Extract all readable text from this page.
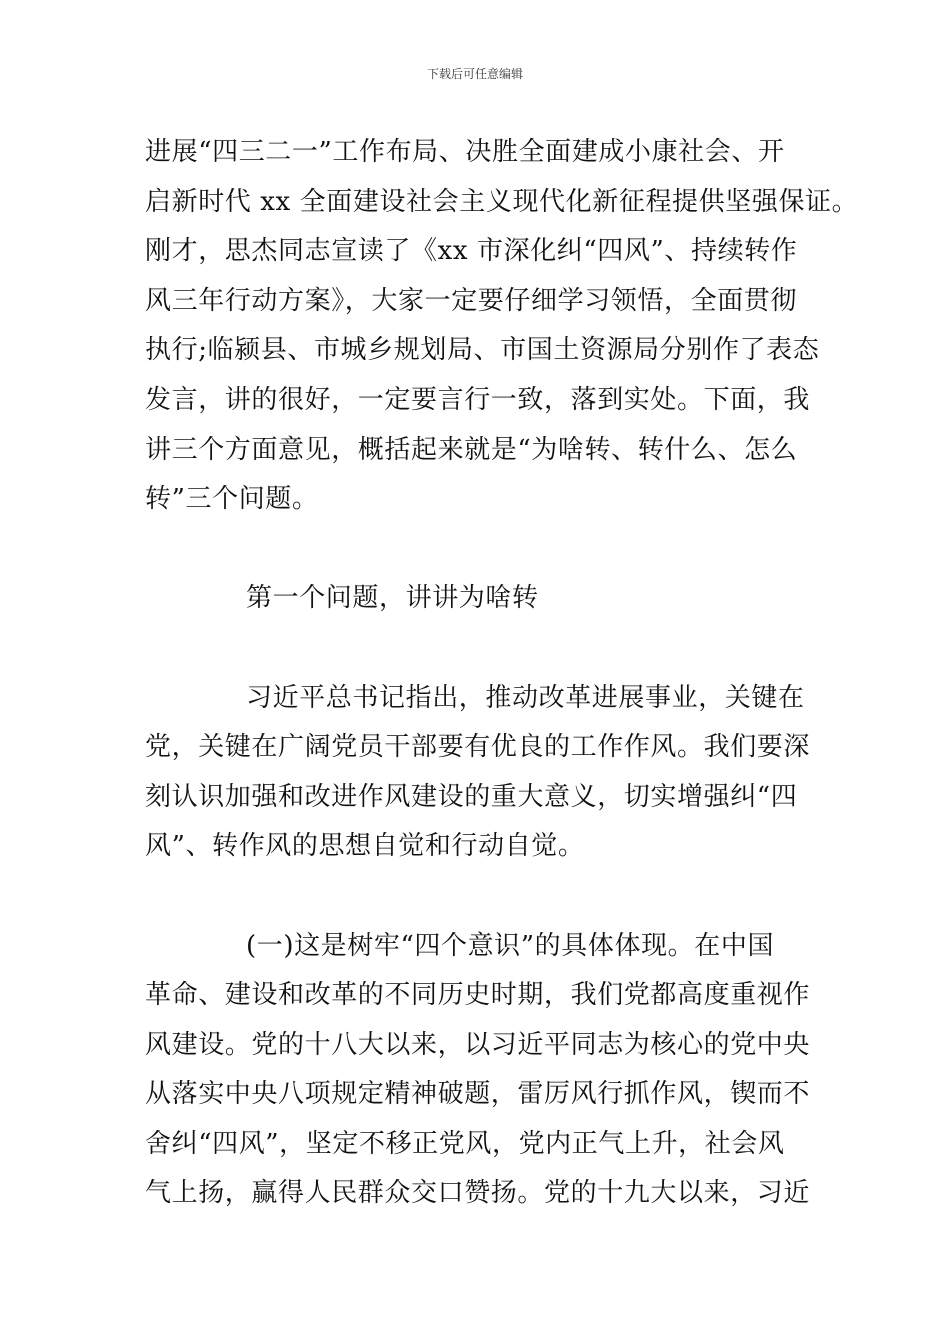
下载后可任意编辑
进展“四三二一”工作布局、决胜全面建成小康社会、开
启新时代 xx 全面建设社会主义现代化新征程提供坚强保证。
刚才，思杰同志宣读了《xx 市深化纠“四风”、持续转作
风三年行动方案》，大家一定要仔细学习领悟，全面贯彻
执行;临颍县、市城乡规划局、市国土资源局分别作了表态
发言，讲的很好，一定要言行一致，落到实处。下面，我
讲三个方面意见，概括起来就是“为啥转、转什么、怎么
转”三个问题。
第一个问题，讲讲为啥转
习近平总书记指出，推动改革进展事业，关键在
党，关键在广阔党员干部要有优良的工作作风。我们要深
刻认识加强和改进作风建设的重大意义，切实增强纠“四
风”、转作风的思想自觉和行动自觉。
(一)这是树牢“四个意识”的具体体现。在中国
革命、建设和改革的不同历史时期，我们党都高度重视作
风建设。党的十八大以来，以习近平同志为核心的党中央
从落实中央八项规定精神破题，雷厉风行抓作风，锲而不
舍纠“四风”，坚定不移正党风，党内正气上升，社会风
气上扬，赢得人民群众交口赞扬。党的十九大以来，习近
